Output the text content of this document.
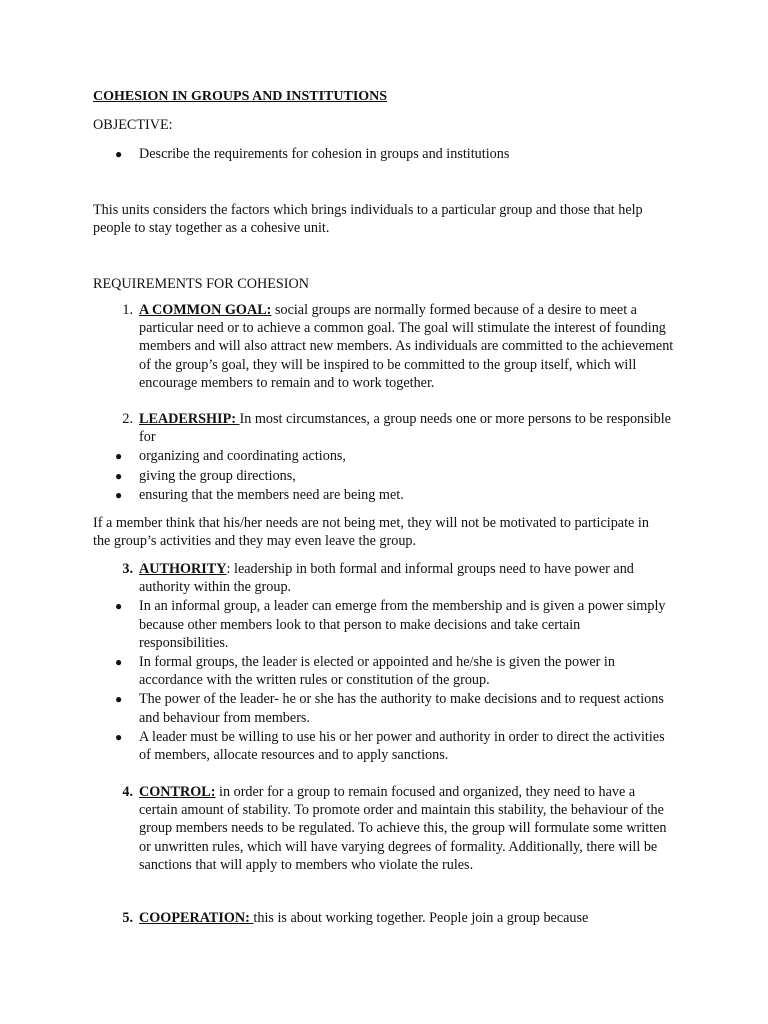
COHESION IN GROUPS AND INSTITUTIONS
OBJECTIVE:
● Describe the requirements for cohesion in groups and institutions

This units considers the factors which brings individuals to a particular group and those that help people to stay together as a cohesive unit.

REQUIREMENTS FOR COHESION
1. A COMMON GOAL: social groups are normally formed because of a desire to meet a particular need or to achieve a common goal. The goal will stimulate the interest of founding members and will also attract new members. As individuals are committed to the achievement of the group’s goal, they will be inspired to be committed to the group itself, which will encourage members to remain and to work together.
2. LEADERSHIP: In most circumstances, a group needs one or more persons to be responsible for
● organizing and coordinating actions,
● giving the group directions,
● ensuring that the members need are being met.

If a member think that his/her needs are not being met, they will not be motivated to participate in the group’s activities and they may even leave the group.

3. AUTHORITY: leadership in both formal and informal groups need to have power and authority within the group.
● In an informal group, a leader can emerge from the membership and is given a power simply because other members look to that person to make decisions and take certain responsibilities.
● In formal groups, the leader is elected or appointed and he/she is given the power in accordance with the written rules or constitution of the group.
● The power of the leader- he or she has the authority to make decisions and to request actions and behaviour from members.
● A leader must be willing to use his or her power and authority in order to direct the activities of members, allocate resources and to apply sanctions.
4. CONTROL: in order for a group to remain focused and organized, they need to have a certain amount of stability. To promote order and maintain this stability, the behaviour of the group members needs to be regulated. To achieve this, the group will formulate some written or unwritten rules, which will have varying degrees of formality. Additionally, there will be sanctions that will apply to members who violate the rules.
5. COOPERATION: this is about working together. People join a group because
